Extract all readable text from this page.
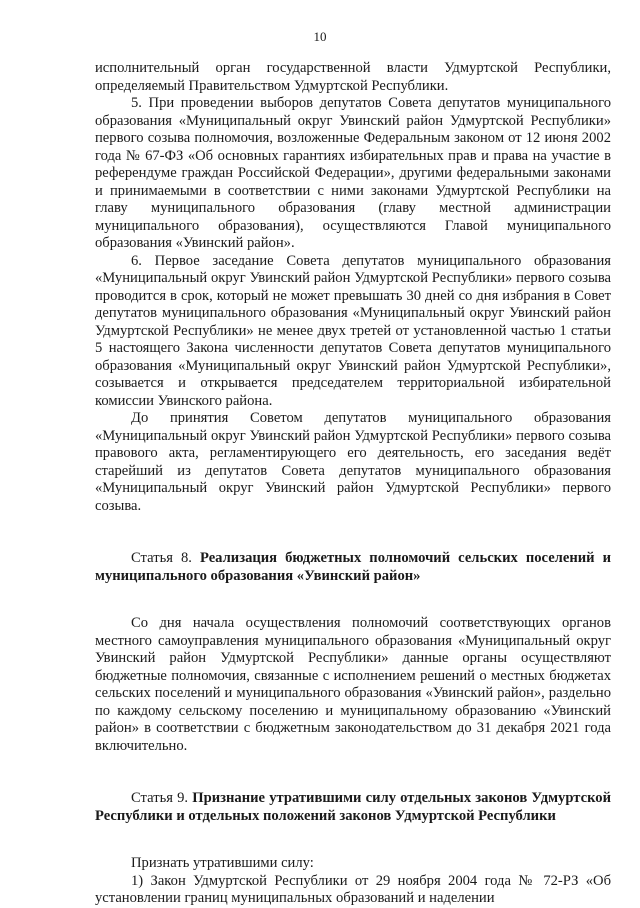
10

исполнительный орган государственной власти Удмуртской Республики, определяемый Правительством Удмуртской Республики.

5. При проведении выборов депутатов Совета депутатов муниципального образования «Муниципальный округ Увинский район Удмуртской Республики» первого созыва полномочия, возложенные Федеральным законом от 12 июня 2002 года № 67-ФЗ «Об основных гарантиях избирательных прав и права на участие в референдуме граждан Российской Федерации», другими федеральными законами и принимаемыми в соответствии с ними законами Удмуртской Республики на главу муниципального образования (главу местной администрации муниципального образования), осуществляются Главой муниципального образования «Увинский район».

6. Первое заседание Совета депутатов муниципального образования «Муниципальный округ Увинский район Удмуртской Республики» первого созыва проводится в срок, который не может превышать 30 дней со дня избрания в Совет депутатов муниципального образования «Муниципальный округ Увинский район Удмуртской Республики» не менее двух третей от установленной частью 1 статьи 5 настоящего Закона численности депутатов Совета депутатов муниципального образования «Муниципальный округ Увинский район Удмуртской Республики», созывается и открывается председателем территориальной избирательной комиссии Увинского района.

До принятия Советом депутатов муниципального образования «Муниципальный округ Увинский район Удмуртской Республики» первого созыва правового акта, регламентирующего его деятельность, его заседания ведёт старейший из депутатов Совета депутатов муниципального образования «Муниципальный округ Увинский район Удмуртской Республики» первого созыва.

Статья 8. Реализация бюджетных полномочий сельских поселений и муниципального образования «Увинский район»

Со дня начала осуществления полномочий соответствующих органов местного самоуправления муниципального образования «Муниципальный округ Увинский район Удмуртской Республики» данные органы осуществляют бюджетные полномочия, связанные с исполнением решений о местных бюджетах сельских поселений и муниципального образования «Увинский район», раздельно по каждому сельскому поселению и муниципальному образованию «Увинский район» в соответствии с бюджетным законодательством до 31 декабря 2021 года включительно.

Статья 9. Признание утратившими силу отдельных законов Удмуртской Республики и отдельных положений законов Удмуртской Республики

Признать утратившими силу:

1) Закон Удмуртской Республики от 29 ноября 2004 года № 72-РЗ «Об установлении границ муниципальных образований и наделении
